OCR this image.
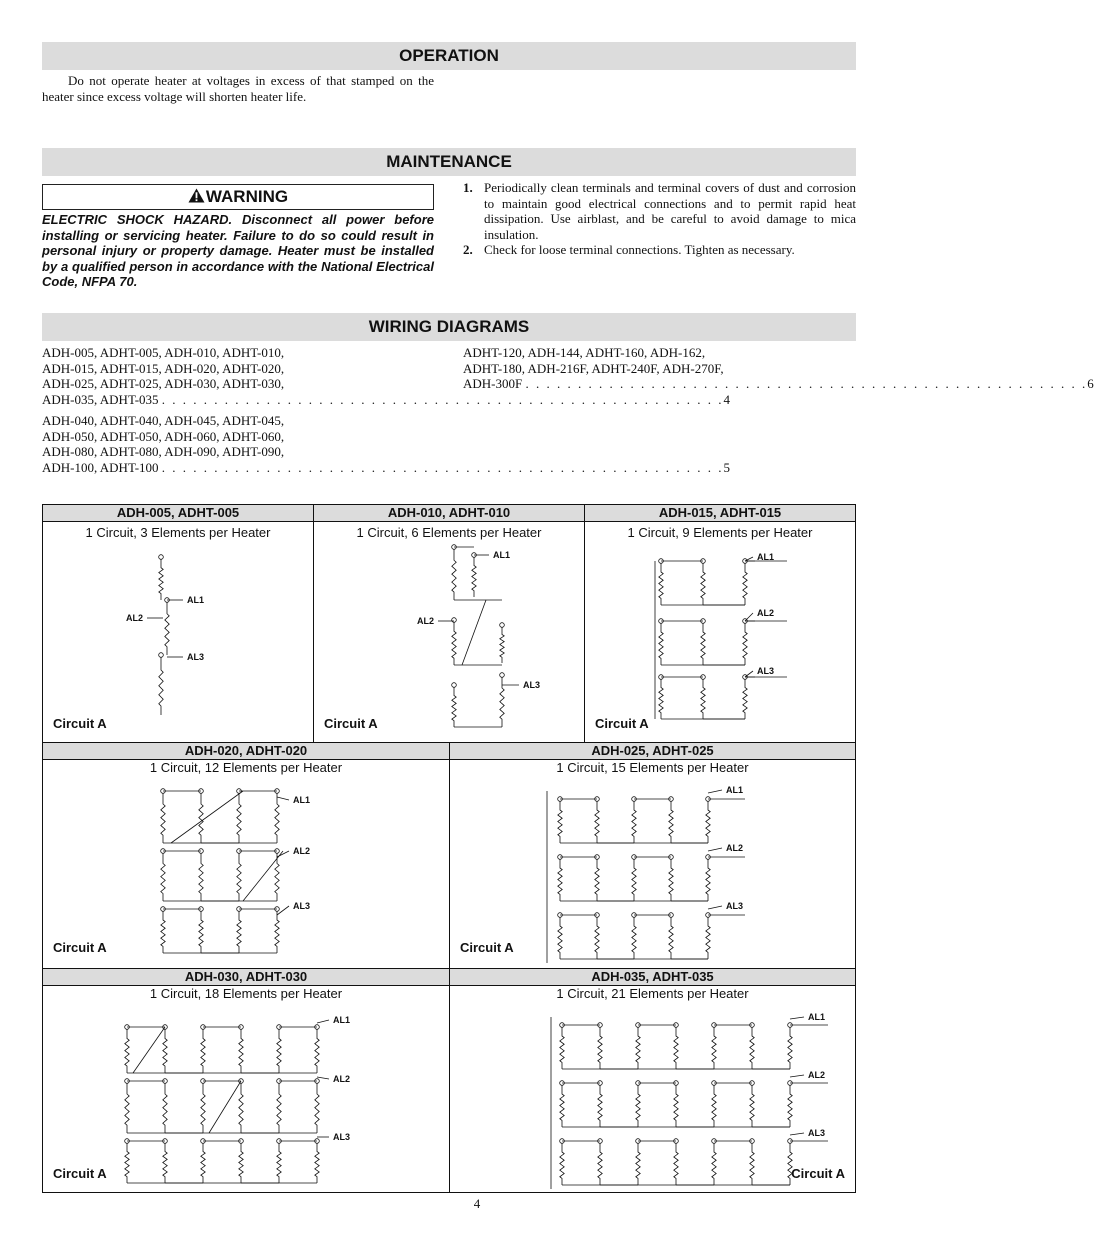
OPERATION
Do not operate heater at voltages in excess of that stamped on the heater since excess voltage will shorten heater life.
MAINTENANCE
WARNING
ELECTRIC SHOCK HAZARD. Disconnect all power before installing or servicing heater. Failure to do so could result in personal injury or property damage. Heater must be installed by a qualified person in accordance with the National Electrical Code, NFPA 70.
1. Periodically clean terminals and terminal covers of dust and corrosion to maintain good electrical connections and to permit rapid heat dissipation. Use airblast, and be careful to avoid damage to mica insulation.
2. Check for loose terminal connections. Tighten as necessary.
WIRING DIAGRAMS
ADH-005, ADHT-005, ADH-010, ADHT-010,
ADH-015, ADHT-015, ADH-020, ADHT-020,
ADH-025, ADHT-025, ADH-030, ADHT-030,
ADH-035, ADHT-035
. . . . . . . . . . . . . . . . . . . . . . . . . . . . . . . . . . . . . . . . . . . . . . . . . . . . . . 4
ADH-040, ADHT-040, ADH-045, ADHT-045,
ADH-050, ADHT-050, ADH-060, ADHT-060,
ADH-080, ADHT-080, ADH-090, ADHT-090,
ADH-100, ADHT-100
. . . . . . . . . . . . . . . . . . . . . . . . . . . . . . . . . . . . . . . . . . . . . . . . . . . . . . 5
ADHT-120, ADH-144, ADHT-160, ADH-162,
ADHT-180, ADH-216F, ADHT-240F, ADH-270F,
ADH-300F
. . . . . . . . . . . . . . . . . . . . . . . . . . . . . . . . . . . . . . . . . . . . . . . . . . . . . . 6
ADH-005, ADHT-005
1 Circuit, 3 Elements per Heater
Circuit A
AL1
AL3
AL2
ADH-010, ADHT-010
1 Circuit, 6 Elements per Heater
Circuit A
AL1
AL2
AL3
ADH-015, ADHT-015
1 Circuit, 9 Elements per Heater
Circuit A
AL1
AL2
AL3
ADH-020, ADHT-020
1 Circuit, 12 Elements per Heater
Circuit A
AL1
AL2
AL3
ADH-025, ADHT-025
1 Circuit, 15 Elements per Heater
Circuit A
AL1
AL2
AL3
ADH-030, ADHT-030
1 Circuit, 18 Elements per Heater
Circuit A
AL1
AL2
AL3
ADH-035, ADHT-035
1 Circuit, 21 Elements per Heater
Circuit A
AL1
AL2
AL3
4
